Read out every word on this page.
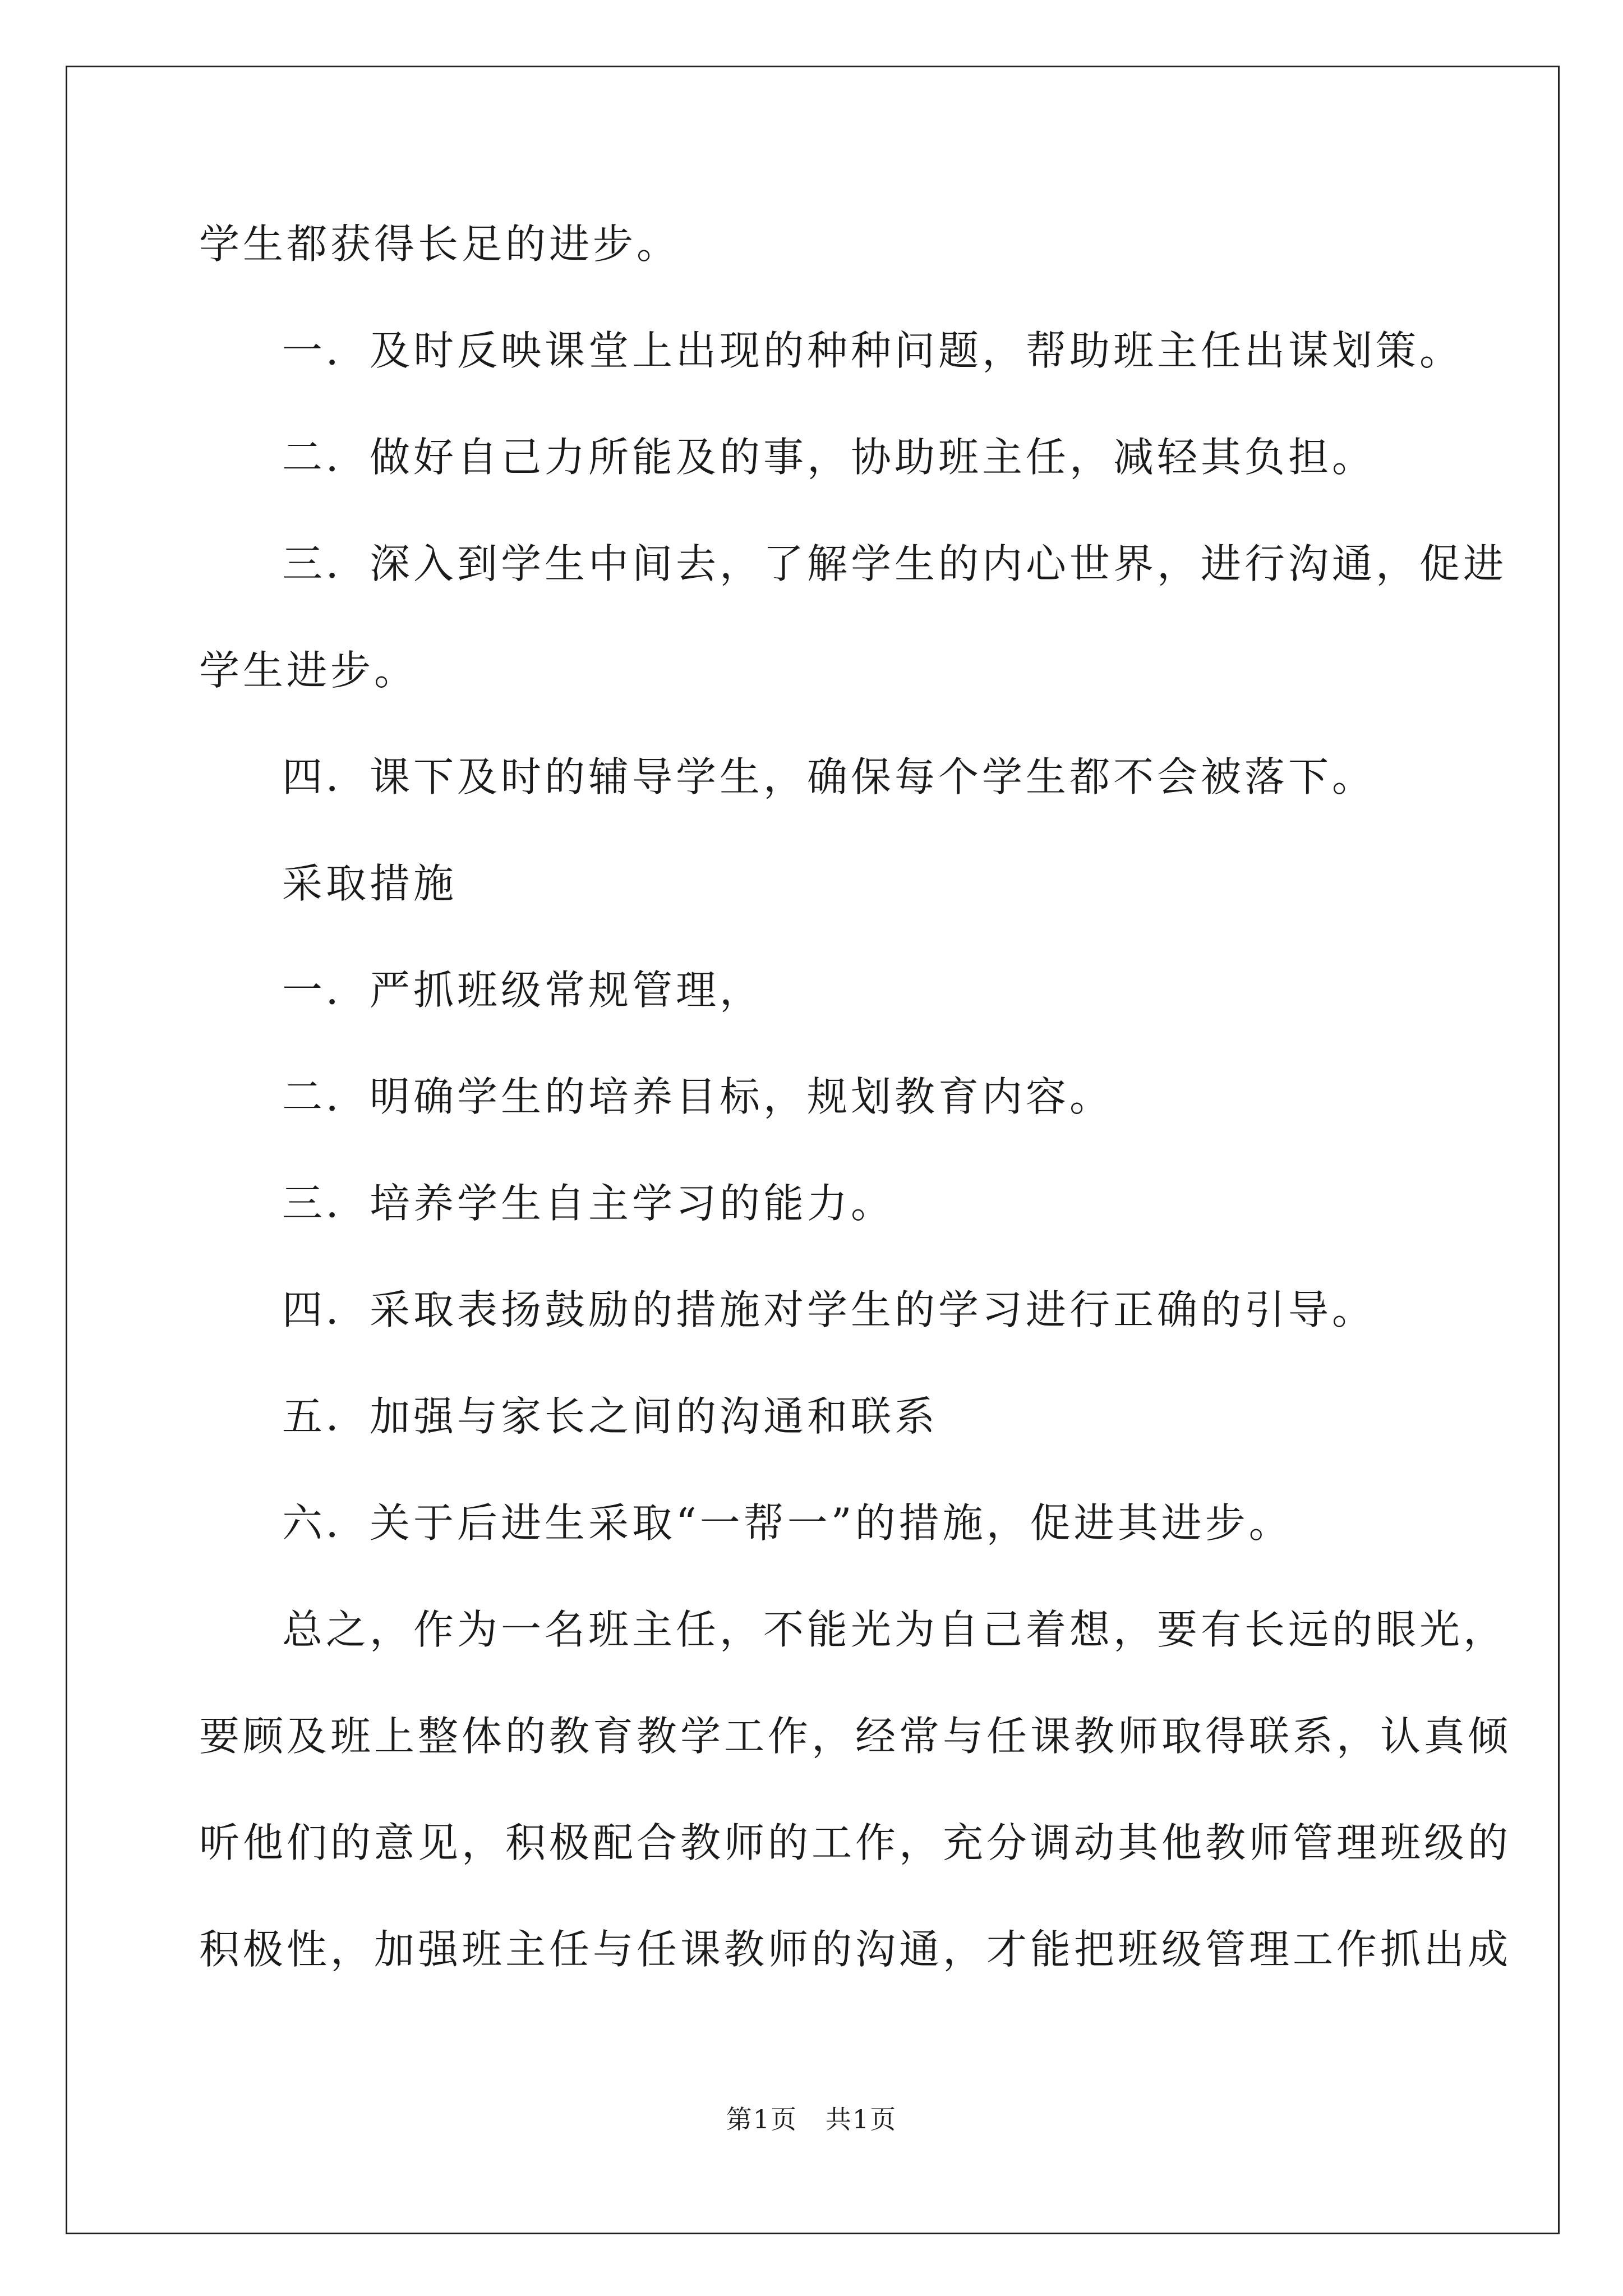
学生都获得长足的进步。
一．及时反映课堂上出现的种种问题，帮助班主任出谋划策。
二．做好自己力所能及的事，协助班主任，减轻其负担。
三．深入到学生中间去，了解学生的内心世界，进行沟通，促进
学生进步。
四．课下及时的辅导学生，确保每个学生都不会被落下。
采取措施
一．严抓班级常规管理，
二．明确学生的培养目标，规划教育内容。
三．培养学生自主学习的能力。
四．采取表扬鼓励的措施对学生的学习进行正确的引导。
五．加强与家长之间的沟通和联系
六．关于后进生采取“一帮一”的措施，促进其进步。
总之，作为一名班主任，不能光为自己着想，要有长远的眼光，
要顾及班上整体的教育教学工作，经常与任课教师取得联系，认真倾
听他们的意见，积极配合教师的工作，充分调动其他教师管理班级的
积极性，加强班主任与任课教师的沟通，才能把班级管理工作抓出成
第1页   共1页
